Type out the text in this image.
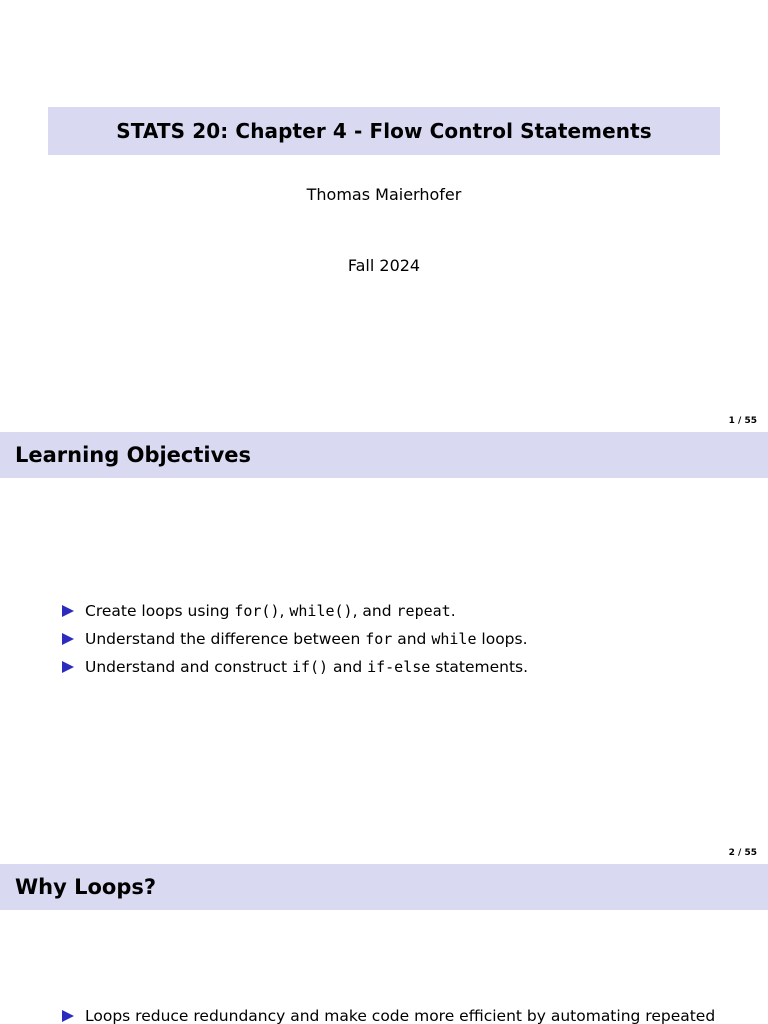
STATS 20: Chapter 4 - Flow Control Statements
Thomas Maierhofer
Fall 2024
1 / 55
Learning Objectives
Create loops using for(), while(), and repeat.
Understand the difference between for and while loops.
Understand and construct if() and if-else statements.
2 / 55
Why Loops?
Loops reduce redundancy and make code more efficient by automating repeated
